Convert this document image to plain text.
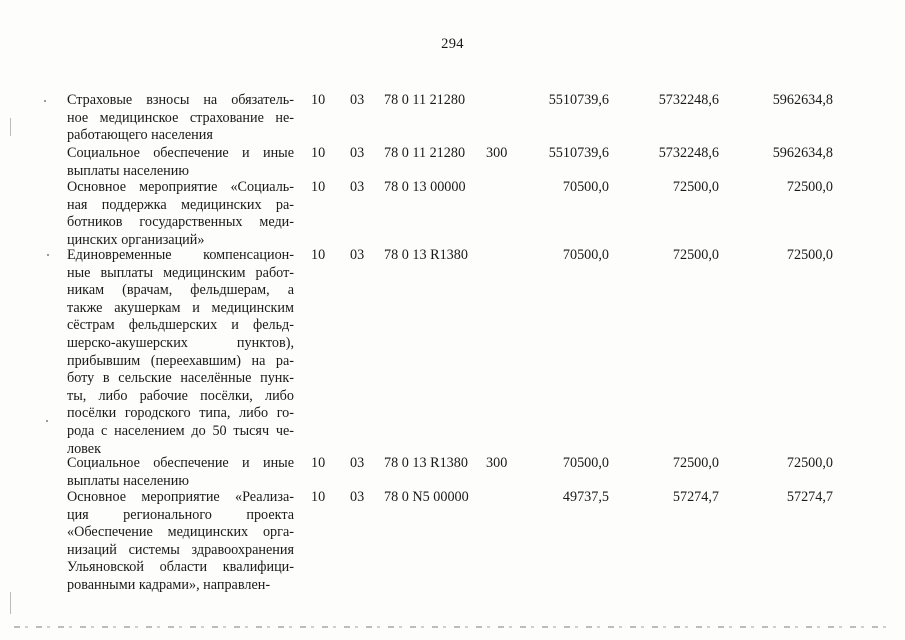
294
Страховые взносы на обязатель-
ное медицинское страхование не-
работающего населения
10 03 78 0 11 21280	5510739,6	5732248,6	5962634,8
Социальное обеспечение и иные
выплаты населению
10 03 78 0 11 21280 300	5510739,6	5732248,6	5962634,8
Основное мероприятие «Социаль-
ная поддержка медицинских ра-
ботников государственных меди-
цинских организаций»
10 03 78 0 13 00000	70500,0	72500,0	72500,0
Единовременные компенсацион-
ные выплаты медицинским работ-
никам (врачам, фельдшерам, а
также акушеркам и медицинским
сёстрам фельдшерских и фельд-
шерско-акушерских пунктов),
прибывшим (переехавшим) на ра-
боту в сельские населённые пунк-
ты, либо рабочие посёлки, либо
посёлки городского типа, либо го-
рода с населением до 50 тысяч че-
ловек
10 03 78 0 13 R1380	70500,0	72500,0	72500,0
Социальное обеспечение и иные
выплаты населению
10 03 78 0 13 R1380 300	70500,0	72500,0	72500,0
Основное мероприятие «Реализа-
ция регионального проекта
«Обеспечение медицинских орга-
низаций системы здравоохранения
Ульяновской области квалифици-
рованными кадрами», направлен-
10 03 78 0 N5 00000	49737,5	57274,7	57274,7
